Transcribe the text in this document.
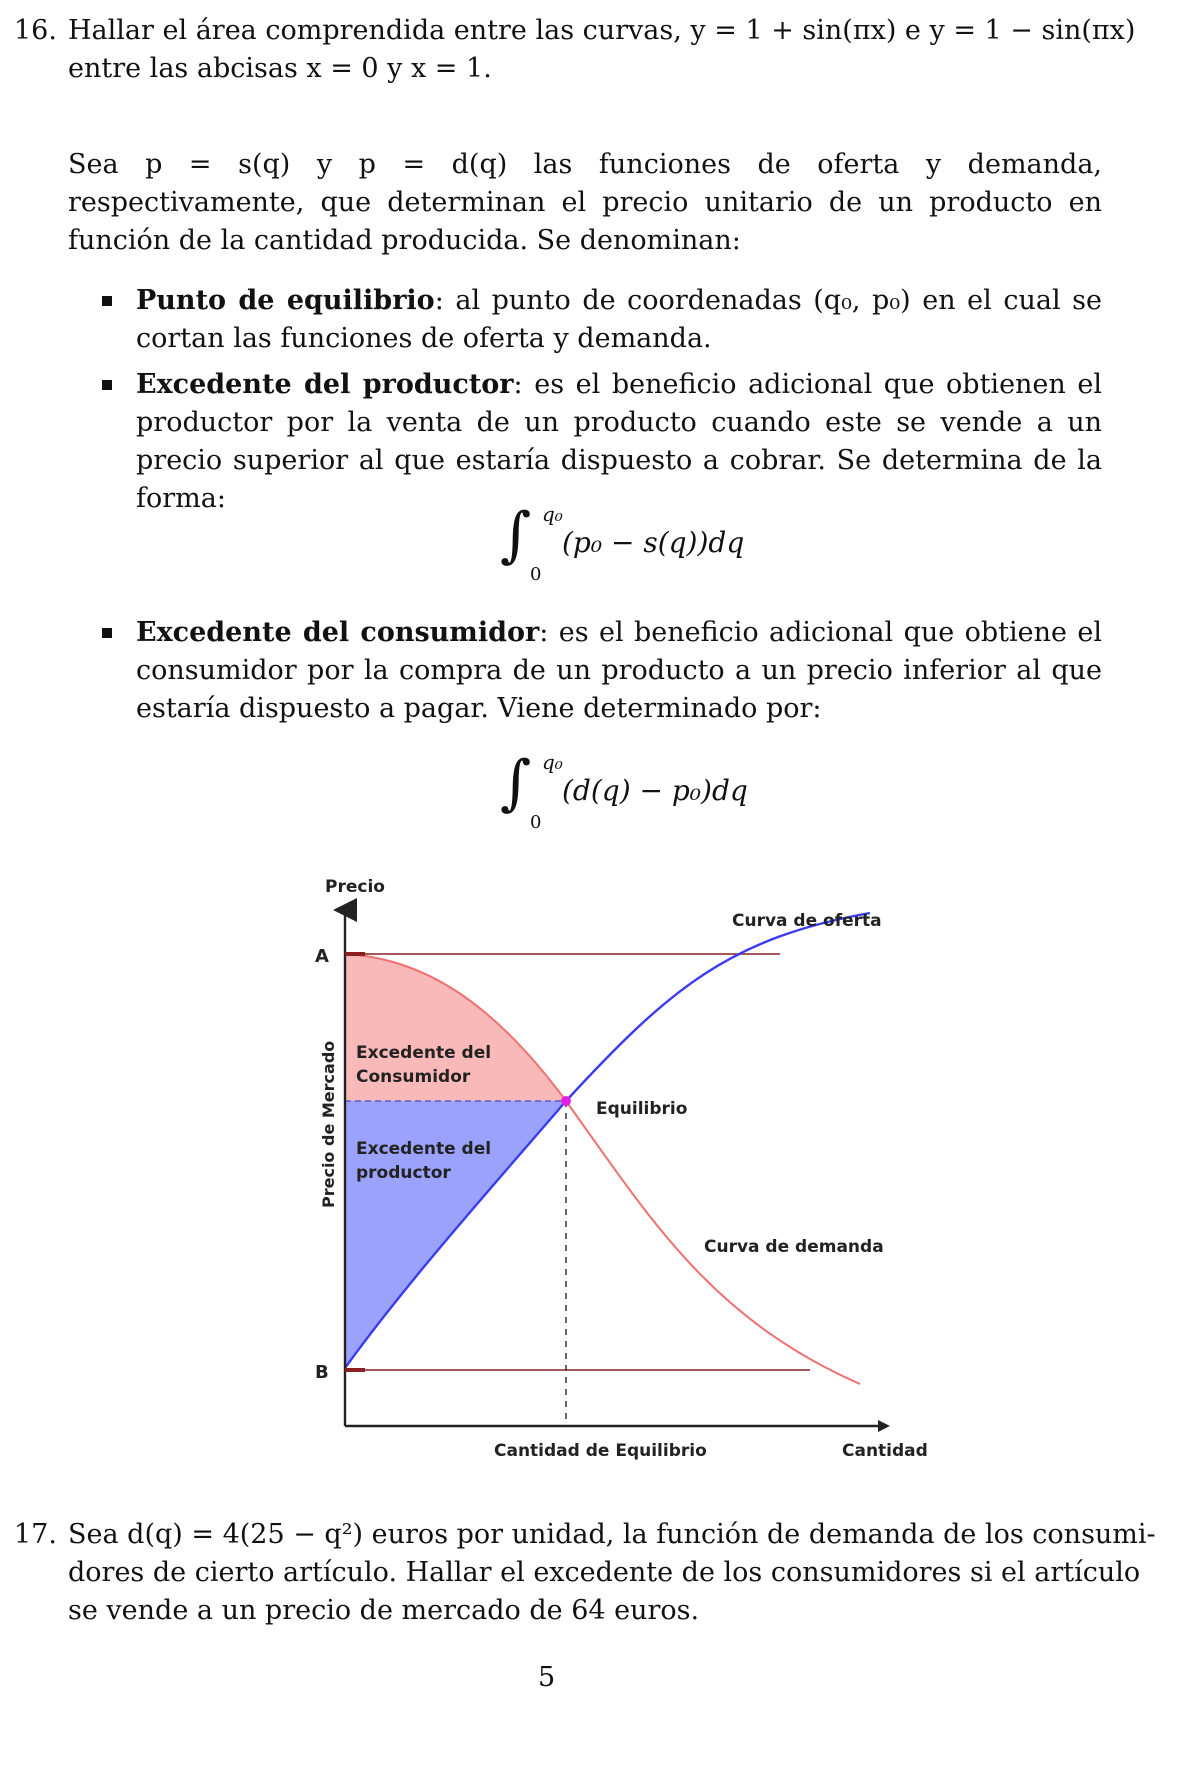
16. Hallar el área comprendida entre las curvas, y = 1 + sin(πx) e y = 1 − sin(πx)
entre las abcisas x = 0 y x = 1.
Sea p = s(q) y p = d(q) las funciones de oferta y demanda, respectivamente, que determinan el precio unitario de un producto en función de la cantidad producida. Se denominan:
Punto de equilibrio: al punto de coordenadas (q₀, p₀) en el cual se cortan las funciones de oferta y demanda.
Excedente del productor: es el beneficio adicional que obtienen el productor por la venta de un producto cuando este se vende a un precio superior al que estaría dispuesto a cobrar. Se determina de la forma:
∫ q₀
0
(p₀ − s(q))dq
Excedente del consumidor: es el beneficio adicional que obtiene el consumidor por la compra de un producto a un precio inferior al que estaría dispuesto a pagar. Viene determinado por:
∫ q₀
0
(d(q) − p₀)dq
Precio
Curva de oferta
A
B
Excedente del
Consumidor
Equilibrio
Excedente del
productor
Curva de demanda
Precio de Mercado
Cantidad de Equilibrio	Cantidad
17. Sea d(q) = 4(25 − q²) euros por unidad, la función de demanda de los consumi-
dores de cierto artículo. Hallar el excedente de los consumidores si el artículo
se vende a un precio de mercado de 64 euros.
5
